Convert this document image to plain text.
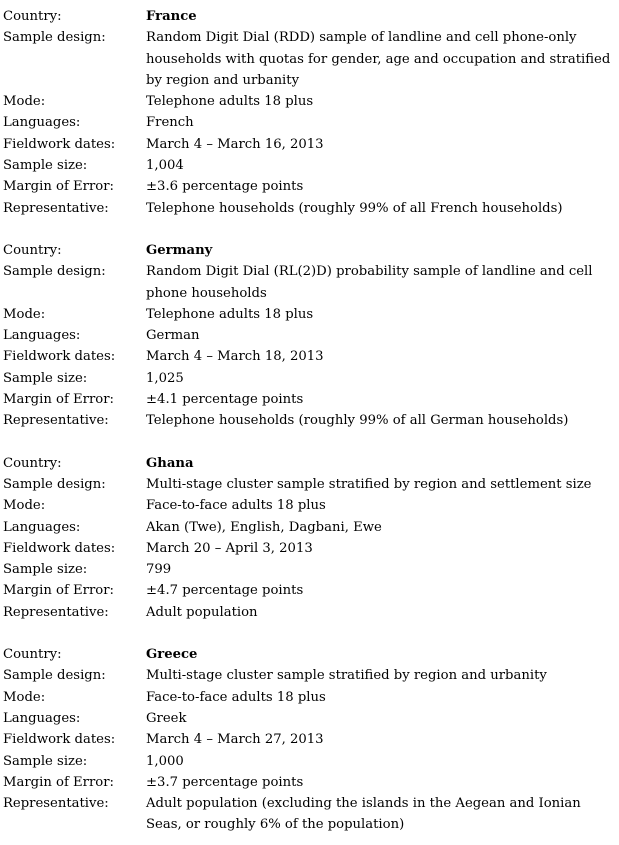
Country:	France
Sample design:	Random Digit Dial (RDD) sample of landline and cell phone-only households with quotas for gender, age and occupation and stratified by region and urbanity
Mode:	Telephone adults 18 plus
Languages:	French
Fieldwork dates:	March 4 – March 16, 2013
Sample size:	1,004
Margin of Error:	±3.6 percentage points
Representative:	Telephone households (roughly 99% of all French households)
Country:	Germany
Sample design:	Random Digit Dial (RL(2)D) probability sample of landline and cell phone households
Mode:	Telephone adults 18 plus
Languages:	German
Fieldwork dates:	March 4 – March 18, 2013
Sample size:	1,025
Margin of Error:	±4.1 percentage points
Representative:	Telephone households (roughly 99% of all German households)
Country:	Ghana
Sample design:	Multi-stage cluster sample stratified by region and settlement size
Mode:	Face-to-face adults 18 plus
Languages:	Akan (Twe), English, Dagbani, Ewe
Fieldwork dates:	March 20 – April 3, 2013
Sample size:	799
Margin of Error:	±4.7 percentage points
Representative:	Adult population
Country:	Greece
Sample design:	Multi-stage cluster sample stratified by region and urbanity
Mode:	Face-to-face adults 18 plus
Languages:	Greek
Fieldwork dates:	March 4 – March 27, 2013
Sample size:	1,000
Margin of Error:	±3.7 percentage points
Representative:	Adult population (excluding the islands in the Aegean and Ionian Seas, or roughly 6% of the population)
